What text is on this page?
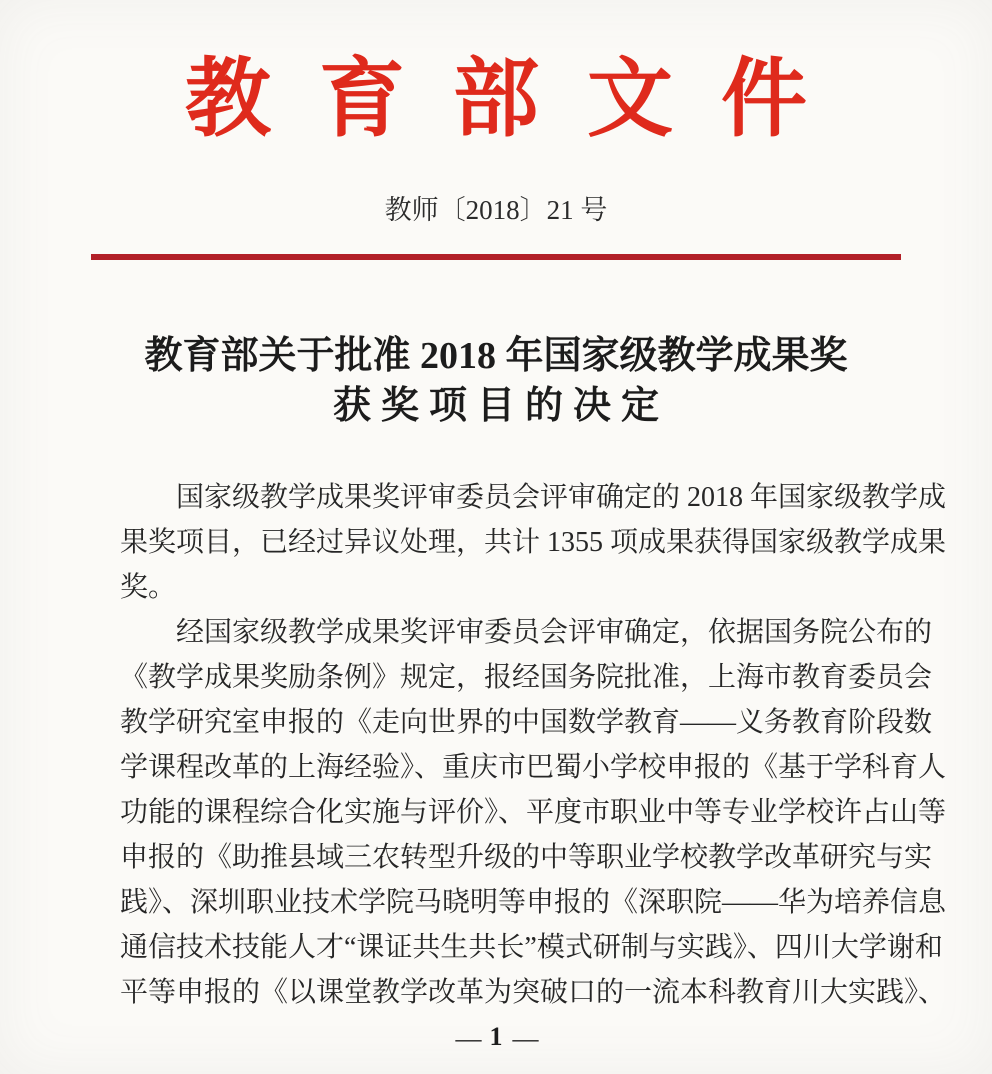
教育部文件
教师〔2018〕21 号
教育部关于批准 2018 年国家级教学成果奖
获奖项目的决定
国家级教学成果奖评审委员会评审确定的 2018 年国家级教学成
果奖项目，已经过异议处理，共计 1355 项成果获得国家级教学成果
奖。
经国家级教学成果奖评审委员会评审确定，依据国务院公布的
《教学成果奖励条例》规定，报经国务院批准，上海市教育委员会
教学研究室申报的《走向世界的中国数学教育——义务教育阶段数
学课程改革的上海经验》、重庆市巴蜀小学校申报的《基于学科育人
功能的课程综合化实施与评价》、平度市职业中等专业学校许占山等
申报的《助推县域三农转型升级的中等职业学校教学改革研究与实
践》、深圳职业技术学院马晓明等申报的《深职院——华为培养信息
通信技术技能人才“课证共生共长”模式研制与实践》、四川大学谢和
平等申报的《以课堂教学改革为突破口的一流本科教育川大实践》、
— 1 —
